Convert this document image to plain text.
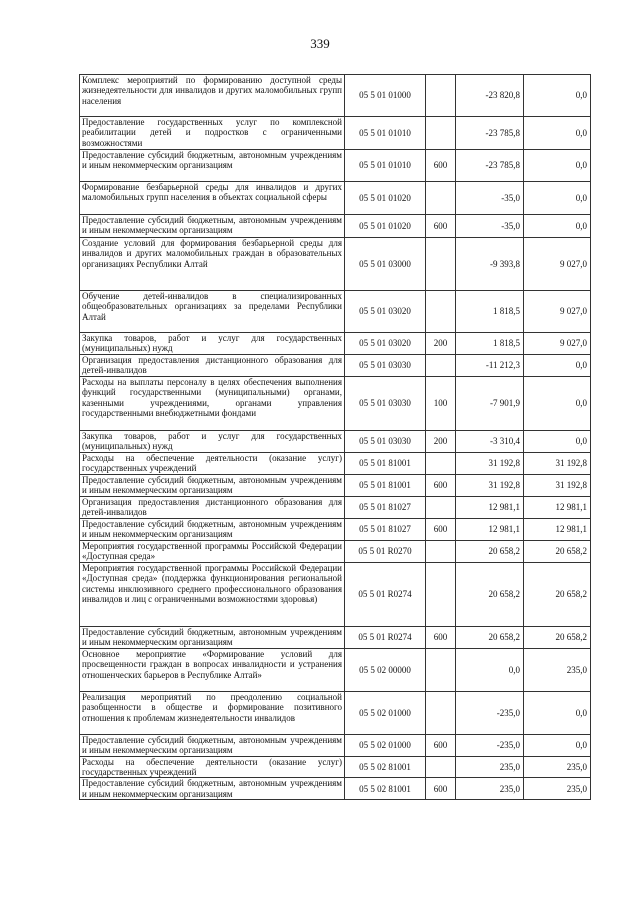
339
Комплекс мероприятий по формированию доступной среды жизнедеятельности для инвалидов и других маломобильных групп населения	05 5 01 01000		-23 820,8	0,0
Предоставление государственных услуг по комплексной реабилитации детей и подростков с ограниченными возможностями	05 5 01 01010		-23 785,8	0,0
Предоставление субсидий бюджетным, автономным учреждениям и иным некоммерческим организациям	05 5 01 01010	600	-23 785,8	0,0
Формирование безбарьерной среды для инвалидов и других маломобильных групп населения в объектах социальной сферы	05 5 01 01020		-35,0	0,0
Предоставление субсидий бюджетным, автономным учреждениям и иным некоммерческим организациям	05 5 01 01020	600	-35,0	0,0
Создание условий для формирования безбарьерной среды для инвалидов и других маломобильных граждан в образовательных организациях Республики Алтай	05 5 01 03000		-9 393,8	9 027,0
Обучение детей-инвалидов в специализированных общеобразовательных организациях за пределами Республики Алтай	05 5 01 03020		1 818,5	9 027,0
Закупка товаров, работ и услуг для государственных (муниципальных) нужд	05 5 01 03020	200	1 818,5	9 027,0
Организация предоставления дистанционного образования для детей-инвалидов	05 5 01 03030		-11 212,3	0,0
Расходы на выплаты персоналу в целях обеспечения выполнения функций государственными (муниципальными) органами, казенными учреждениями, органами управления государственными внебюджетными фондами	05 5 01 03030	100	-7 901,9	0,0
Закупка товаров, работ и услуг для государственных (муниципальных) нужд	05 5 01 03030	200	-3 310,4	0,0
Расходы на обеспечение деятельности (оказание услуг) государственных учреждений	05 5 01 81001		31 192,8	31 192,8
Предоставление субсидий бюджетным, автономным учреждениям и иным некоммерческим организациям	05 5 01 81001	600	31 192,8	31 192,8
Организация предоставления дистанционного образования для детей-инвалидов	05 5 01 81027		12 981,1	12 981,1
Предоставление субсидий бюджетным, автономным учреждениям и иным некоммерческим организациям	05 5 01 81027	600	12 981,1	12 981,1
Мероприятия государственной программы Российской Федерации «Доступная среда»	05 5 01 R0270		20 658,2	20 658,2
Мероприятия государственной программы Российской Федерации «Доступная среда» (поддержка функционирования региональной системы инклюзивного среднего профессионального образования инвалидов и лиц с ограниченными возможностями здоровья)	05 5 01 R0274		20 658,2	20 658,2
Предоставление субсидий бюджетным, автономным учреждениям и иным некоммерческим организациям	05 5 01 R0274	600	20 658,2	20 658,2
Основное мероприятие «Формирование условий для просвещенности граждан в вопросах инвалидности и устранения отношенческих барьеров в Республике Алтай»	05 5 02 00000		0,0	235,0
Реализация мероприятий по преодолению социальной разобщенности в обществе и формирование позитивного отношения к проблемам жизнедеятельности инвалидов	05 5 02 01000		-235,0	0,0
Предоставление субсидий бюджетным, автономным учреждениям и иным некоммерческим организациям	05 5 02 01000	600	-235,0	0,0
Расходы на обеспечение деятельности (оказание услуг) государственных учреждений	05 5 02 81001		235,0	235,0
Предоставление субсидий бюджетным, автономным учреждениям и иным некоммерческим организациям	05 5 02 81001	600	235,0	235,0
